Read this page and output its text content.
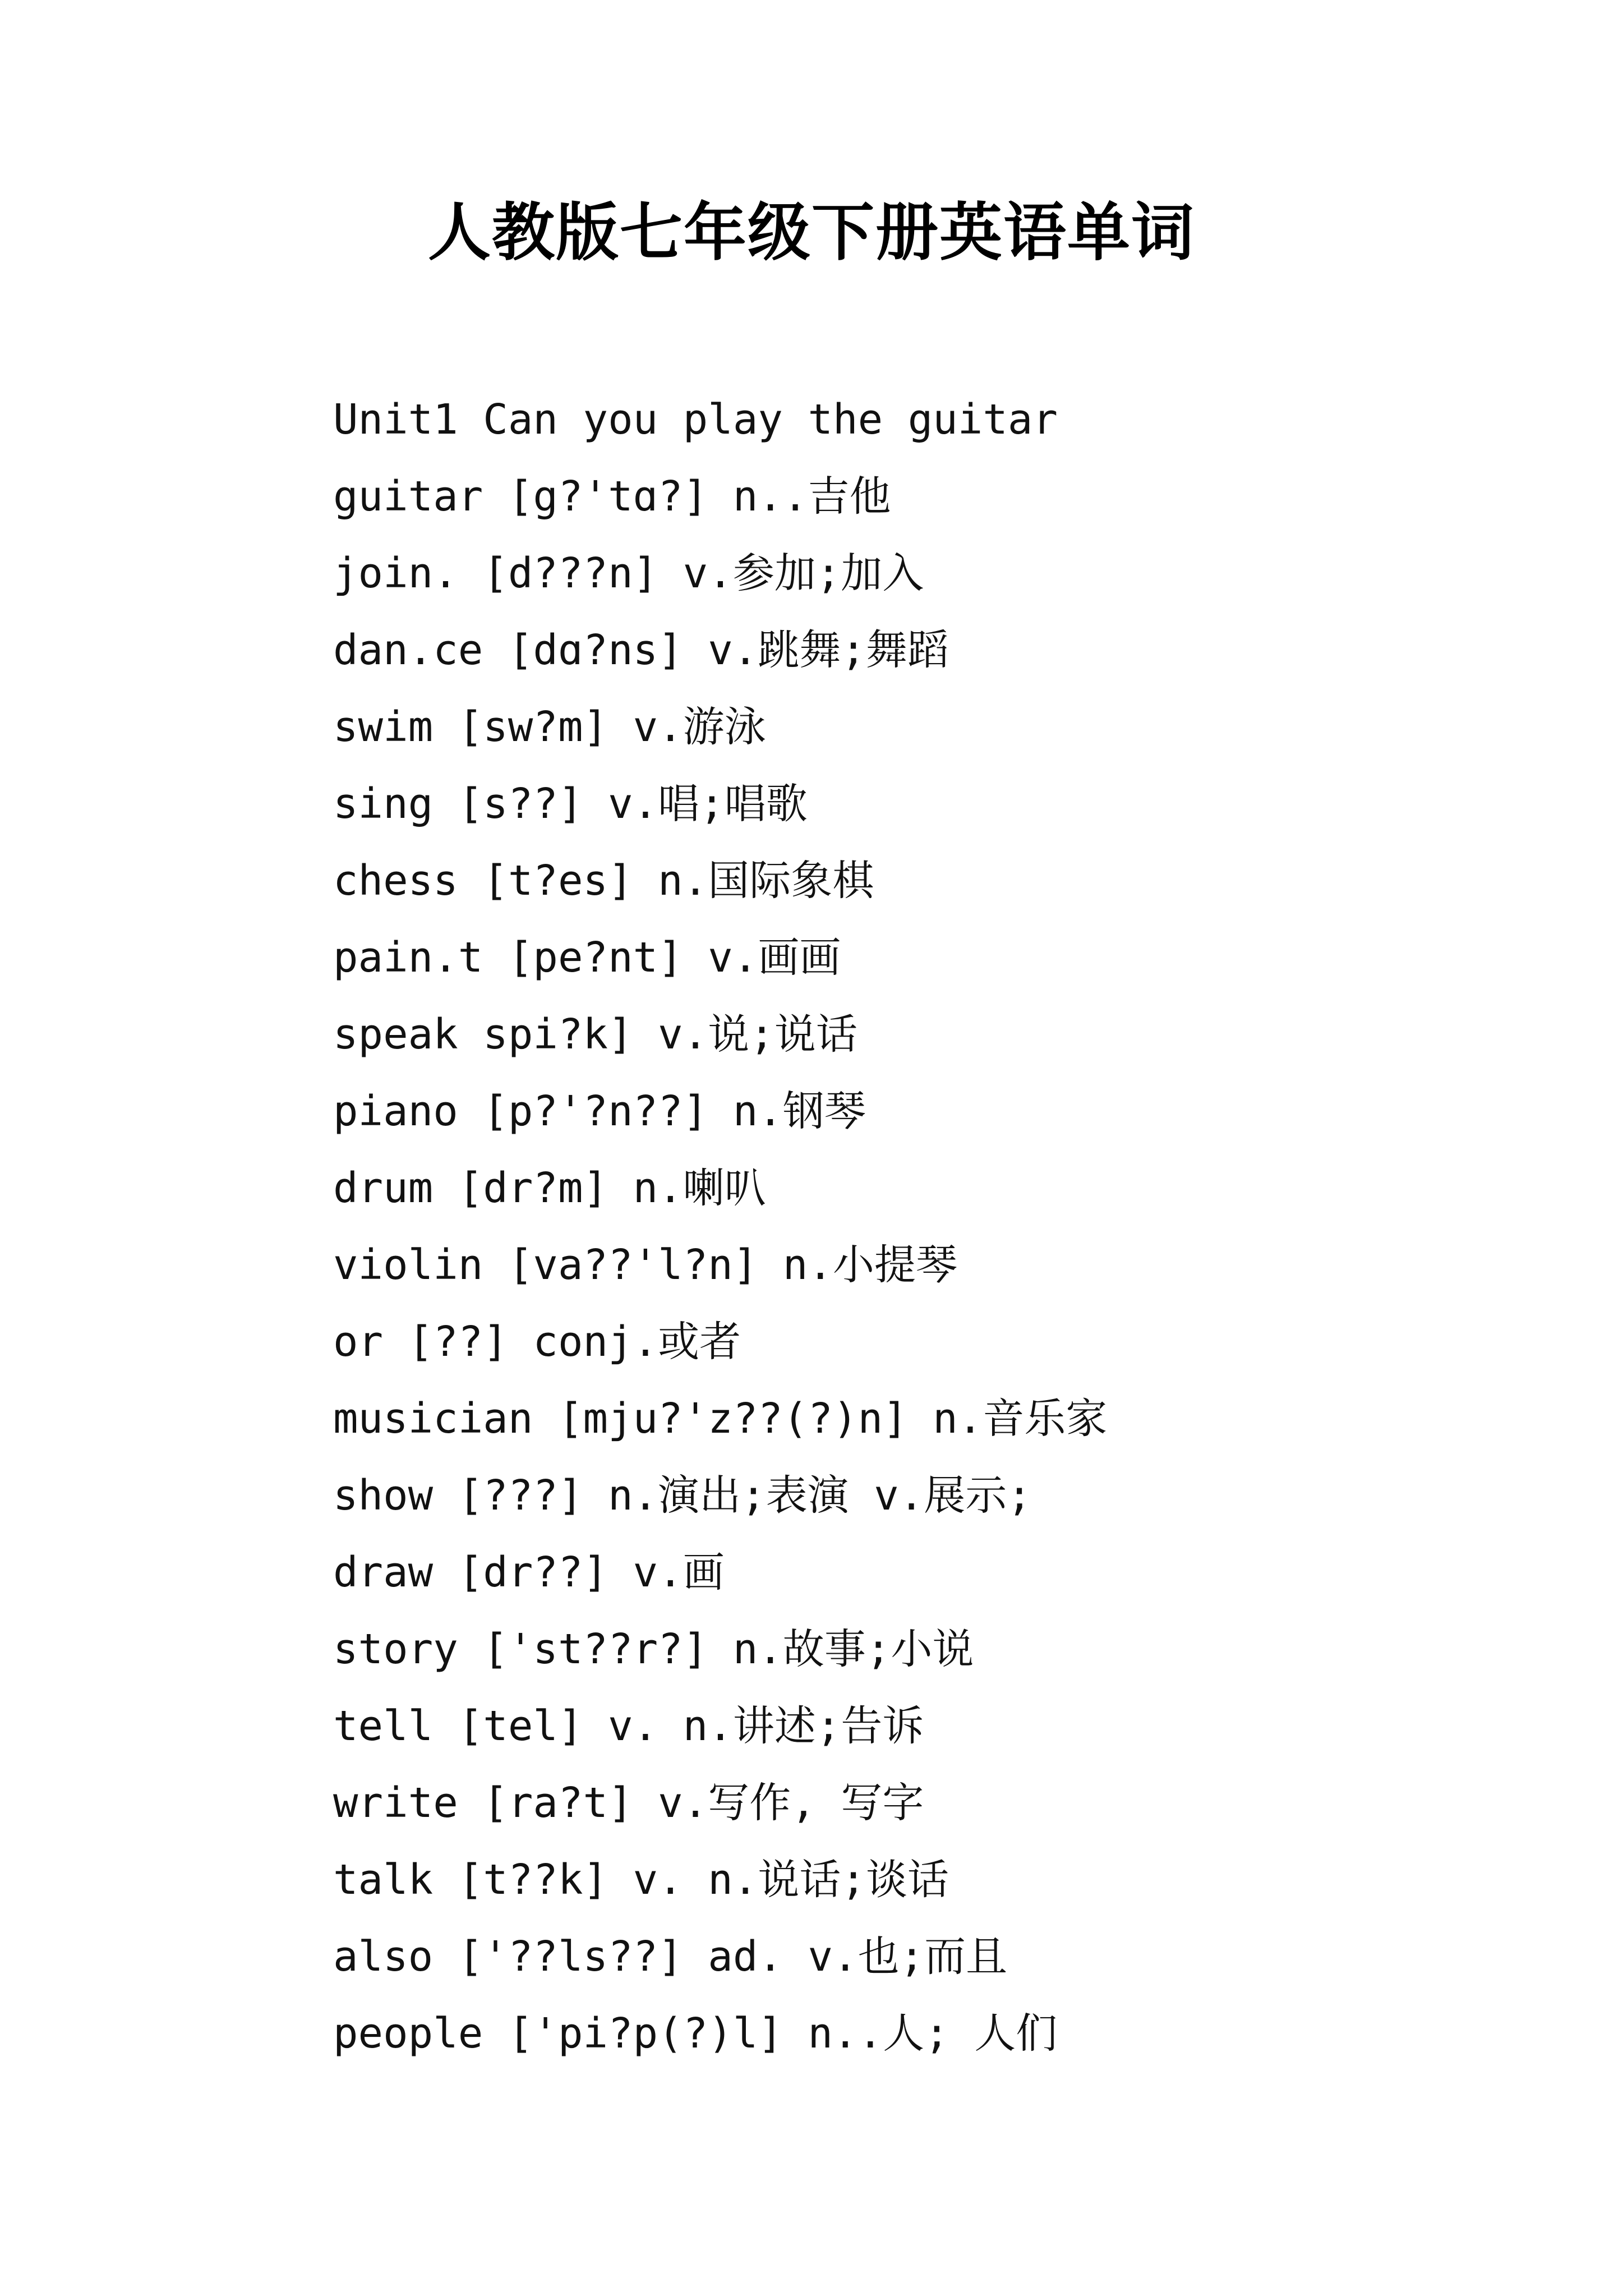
人教版七年级下册英语单词
Unit1 Can you play the guitar
guitar [g?'tɑ?] n..吉他
join. [d???n] v.参加;加入
dan.ce [dɑ?ns] v.跳舞;舞蹈
swim [sw?m] v.游泳
sing [s??] v.唱;唱歌
chess [t?es] n.国际象棋
pain.t [pe?nt] v.画画
speak spi?k] v.说;说话
piano [p?'?n??] n.钢琴
drum [dr?m] n.喇叭
violin [va??'l?n] n.小提琴
or [??] conj.或者
musician [mju?'z??(?)n] n.音乐家
show [???] n.演出;表演 v.展示;
draw [dr??] v.画
story ['st??r?] n.故事;小说
tell [tel] v. n.讲述;告诉
write [ra?t] v.写作, 写字
talk [t??k] v. n.说话;谈话
also ['??ls??] ad. v.也;而且
people ['pi?p(?)l] n..人; 人们
